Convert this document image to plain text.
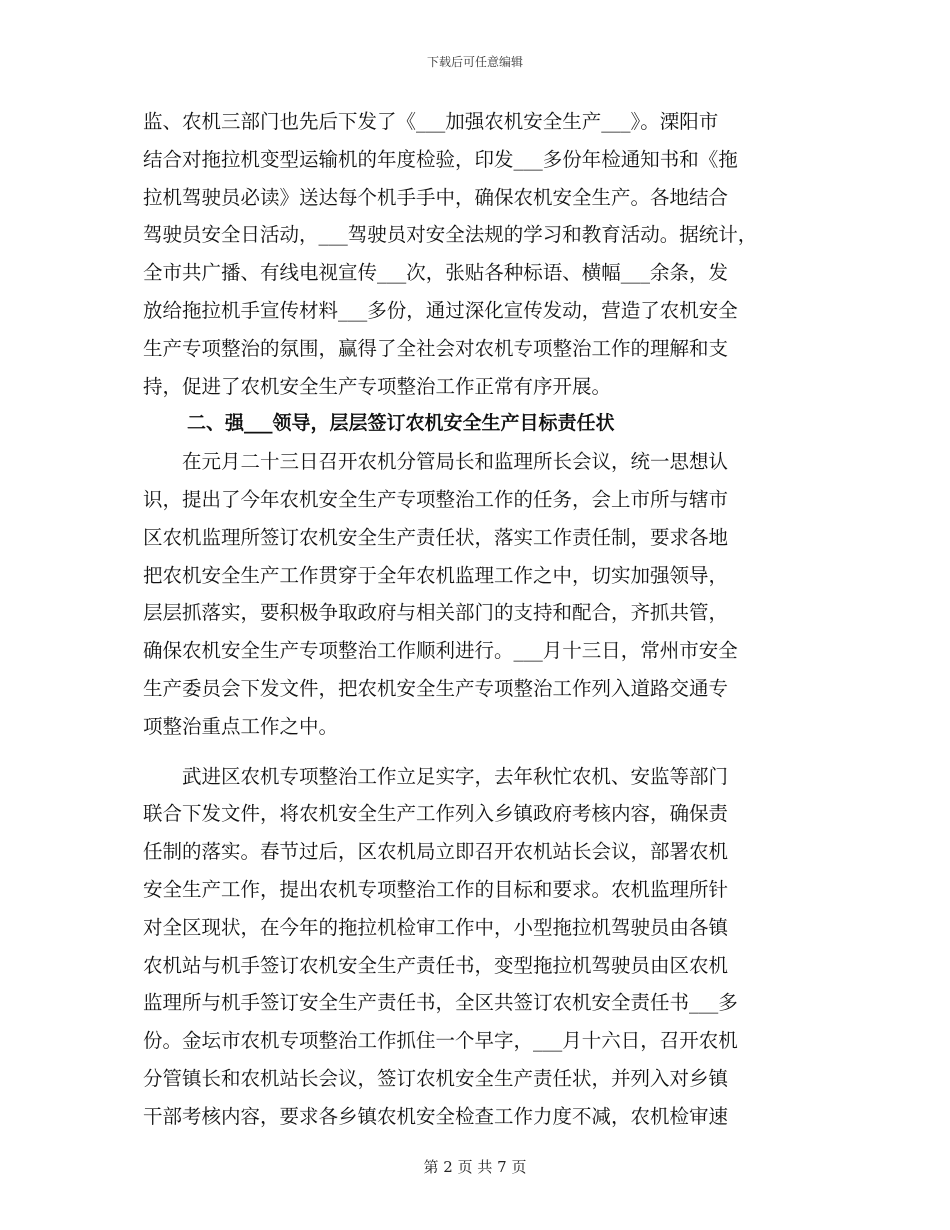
下载后可任意编辑
监、农机三部门也先后下发了《___加强农机安全生产___》。溧阳市
结合对拖拉机变型运输机的年度检验，印发___多份年检通知书和《拖
拉机驾驶员必读》送达每个机手手中，确保农机安全生产。各地结合
驾驶员安全日活动，___驾驶员对安全法规的学习和教育活动。据统计，
全市共广播、有线电视宣传___次，张贴各种标语、横幅___余条，发
放给拖拉机手宣传材料___多份，通过深化宣传发动，营造了农机安全
生产专项整治的氛围，赢得了全社会对农机专项整治工作的理解和支
持，促进了农机安全生产专项整治工作正常有序开展。
二、强___领导，层层签订农机安全生产目标责任状
　　在元月二十三日召开农机分管局长和监理所长会议，统一思想认
识，提出了今年农机安全生产专项整治工作的任务，会上市所与辖市
区农机监理所签订农机安全生产责任状，落实工作责任制，要求各地
把农机安全生产工作贯穿于全年农机监理工作之中，切实加强领导，
层层抓落实，要积极争取政府与相关部门的支持和配合，齐抓共管，
确保农机安全生产专项整治工作顺利进行。___月十三日，常州市安全
生产委员会下发文件，把农机安全生产专项整治工作列入道路交通专
项整治重点工作之中。
　　武进区农机专项整治工作立足实字，去年秋忙农机、安监等部门
联合下发文件，将农机安全生产工作列入乡镇政府考核内容，确保责
任制的落实。春节过后，区农机局立即召开农机站长会议，部署农机
安全生产工作，提出农机专项整治工作的目标和要求。农机监理所针
对全区现状，在今年的拖拉机检审工作中，小型拖拉机驾驶员由各镇
农机站与机手签订农机安全生产责任书，变型拖拉机驾驶员由区农机
监理所与机手签订安全生产责任书，全区共签订农机安全责任书___多
份。金坛市农机专项整治工作抓住一个早字，___月十六日，召开农机
分管镇长和农机站长会议，签订农机安全生产责任状，并列入对乡镇
干部考核内容，要求各乡镇农机安全检查工作力度不减，农机检审速
第 2 页 共 7 页
